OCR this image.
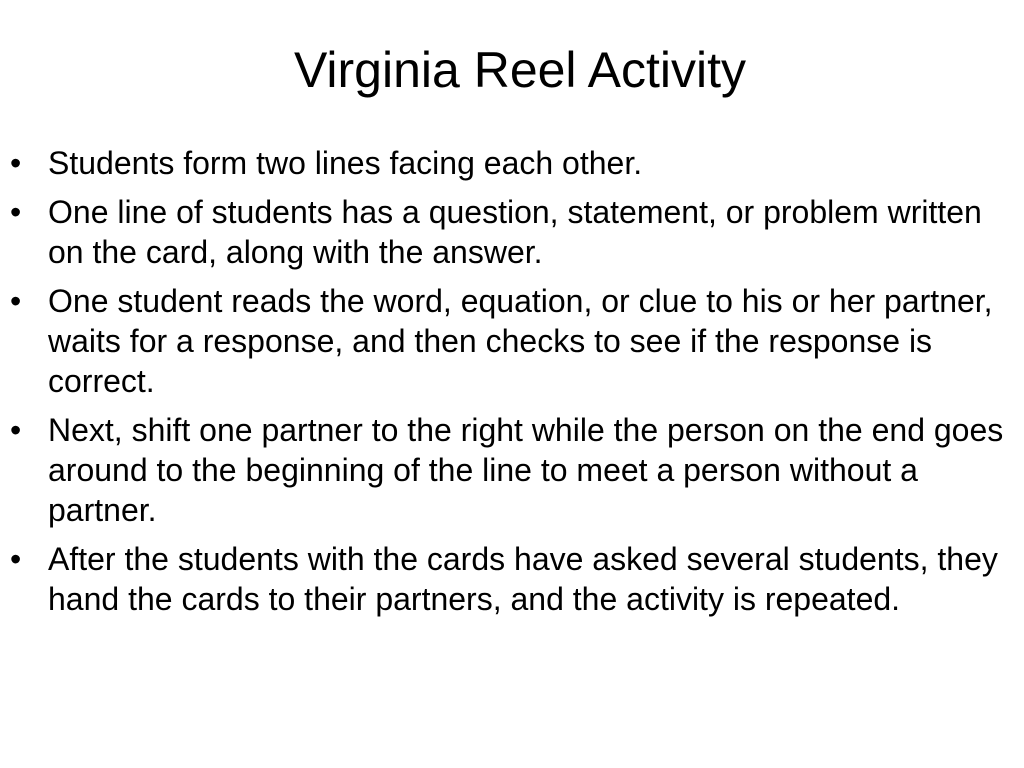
Virginia Reel Activity
• Students form two lines facing each other.
• One line of students has a question, statement, or problem written on the card, along with the answer.
• One student reads the word, equation, or clue to his or her partner, waits for a response, and then checks to see if the response is correct.
• Next, shift one partner to the right while the person on the end goes around to the beginning of the line to meet a person without a partner.
• After the students with the cards have asked several students, they hand the cards to their partners, and the activity is repeated.
